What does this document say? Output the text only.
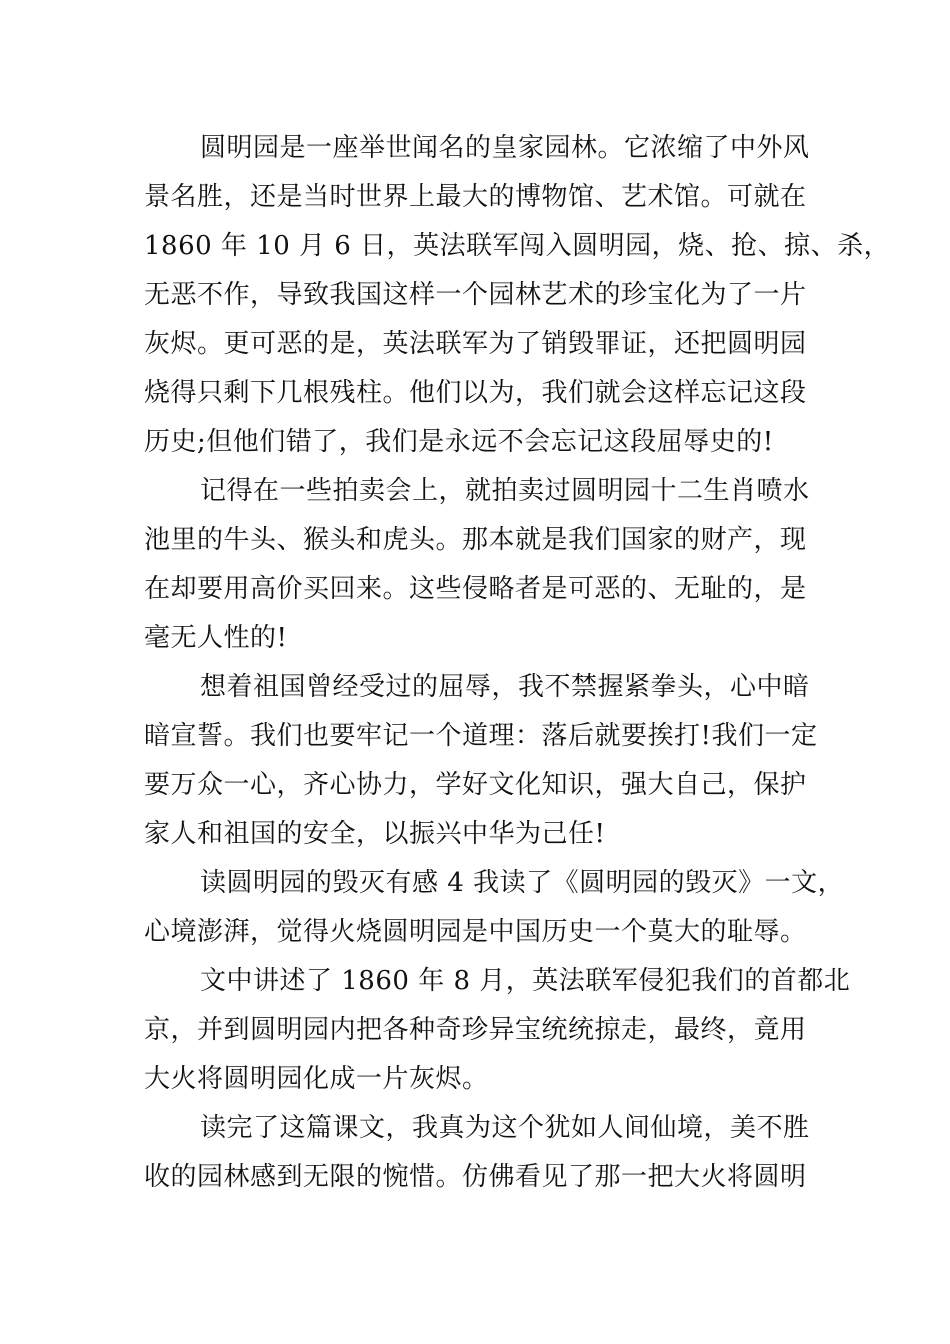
圆明园是一座举世闻名的皇家园林。它浓缩了中外风
景名胜，还是当时世界上最大的博物馆、艺术馆。可就在
1860 年 10 月 6 日，英法联军闯入圆明园，烧、抢、掠、杀，
无恶不作，导致我国这样一个园林艺术的珍宝化为了一片
灰烬。更可恶的是，英法联军为了销毁罪证，还把圆明园
烧得只剩下几根残柱。他们以为，我们就会这样忘记这段
历史;但他们错了，我们是永远不会忘记这段屈辱史的!
记得在一些拍卖会上，就拍卖过圆明园十二生肖喷水
池里的牛头、猴头和虎头。那本就是我们国家的财产，现
在却要用高价买回来。这些侵略者是可恶的、无耻的，是
毫无人性的!
想着祖国曾经受过的屈辱，我不禁握紧拳头，心中暗
暗宣誓。我们也要牢记一个道理：落后就要挨打!我们一定
要万众一心，齐心协力，学好文化知识，强大自己，保护
家人和祖国的安全，以振兴中华为己任!
读圆明园的毁灭有感 4 我读了《圆明园的毁灭》一文，
心境澎湃，觉得火烧圆明园是中国历史一个莫大的耻辱。
文中讲述了 1860 年 8 月，英法联军侵犯我们的首都北
京，并到圆明园内把各种奇珍异宝统统掠走，最终，竟用
大火将圆明园化成一片灰烬。
读完了这篇课文，我真为这个犹如人间仙境，美不胜
收的园林感到无限的惋惜。仿佛看见了那一把大火将圆明
